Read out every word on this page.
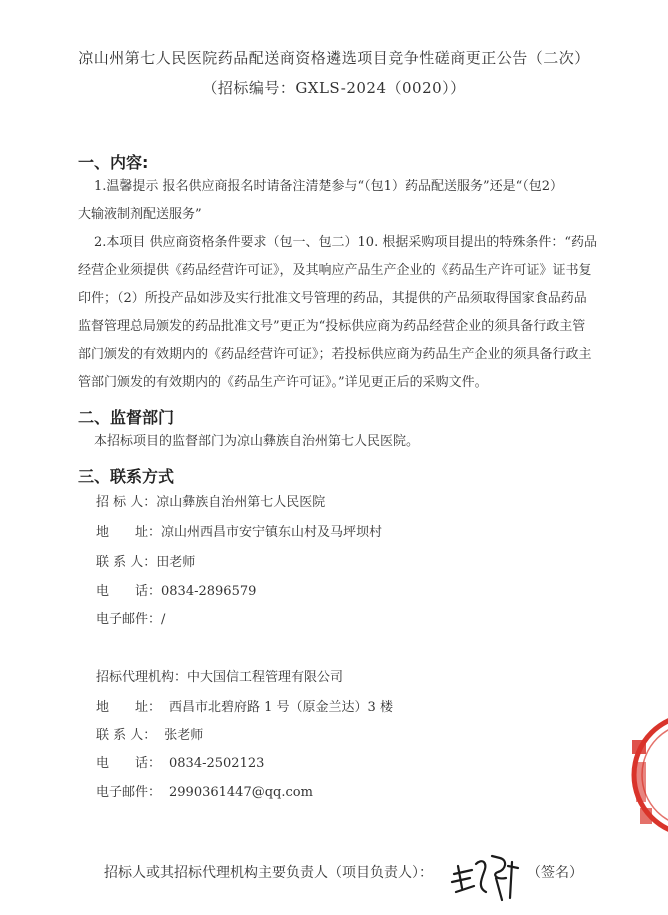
凉山州第七人民医院药品配送商资格遴选项目竞争性磋商更正公告（二次）
（招标编号：GXLS-2024（0020））
一、内容:
1.温馨提示 报名供应商报名时请备注清楚参与“（包1）药品配送服务”还是“（包2）
大输液制剂配送服务”
2.本项目 供应商资格条件要求（包一、包二）10. 根据采购项目提出的特殊条件：“药品
经营企业须提供《药品经营许可证》，及其响应产品生产企业的《药品生产许可证》证书复
印件；（2）所投产品如涉及实行批准文号管理的药品，其提供的产品须取得国家食品药品
监督管理总局颁发的药品批准文号”更正为“投标供应商为药品经营企业的须具备行政主管
部门颁发的有效期内的《药品经营许可证》；若投标供应商为药品生产企业的须具备行政主
管部门颁发的有效期内的《药品生产许可证》。”详见更正后的采购文件。
二、监督部门
本招标项目的监督部门为凉山彝族自治州第七人民医院。
三、联系方式
招 标 人：凉山彝族自治州第七人民医院
地　　址：凉山州西昌市安宁镇东山村及马坪坝村
联 系 人：田老师
电　　话：0834-2896579
电子邮件：/
招标代理机构：中大国信工程管理有限公司
地　　址： 西昌市北碧府路 1 号（原金兰达）3 楼
联 系 人： 张老师
电　　话： 0834-2502123
电子邮件： 2990361447@qq.com
招标人或其招标代理机构主要负责人（项目负责人）：	（签名）
